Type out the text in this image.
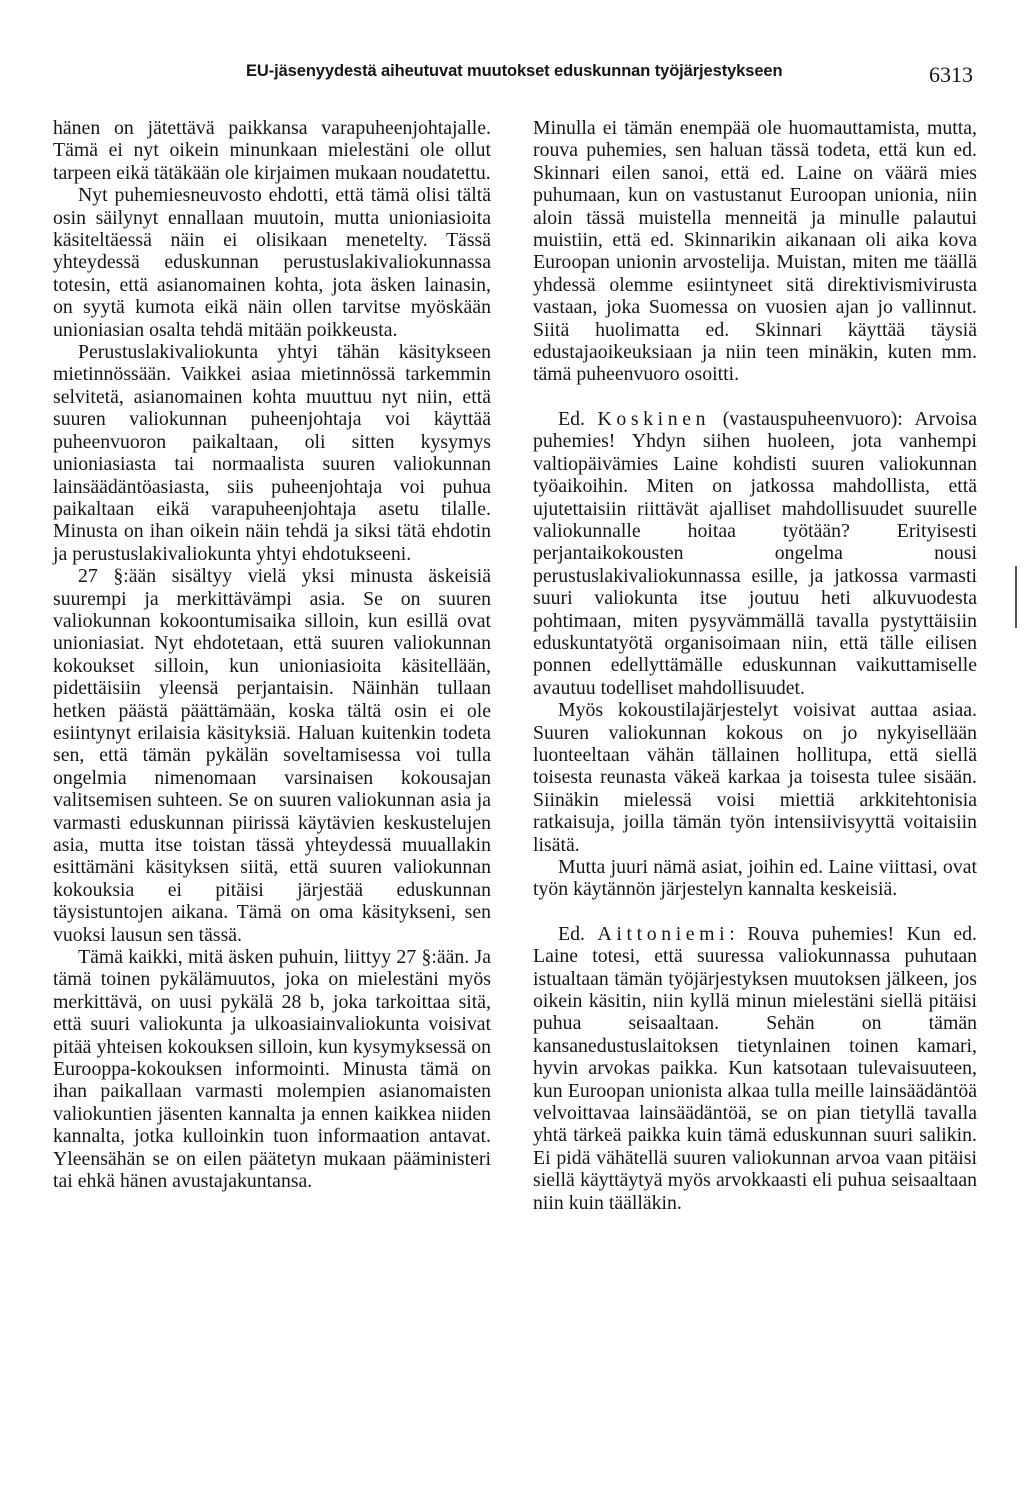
EU-jäsenyydestä aiheutuvat muutokset eduskunnan työjärjestykseen	6313

hänen on jätettävä paikkansa varapuheenjohtajalle. Tämä ei nyt oikein minunkaan mielestäni ole ollut tarpeen eikä tätäkään ole kirjaimen mukaan noudatettu.

Nyt puhemiesneuvosto ehdotti, että tämä olisi tältä osin säilynyt ennallaan muutoin, mutta unioniasioita käsiteltäessä näin ei olisikaan menetelty. Tässä yhteydessä eduskunnan perustuslakivaliokunnassa totesin, että asianomainen kohta, jota äsken lainasin, on syytä kumota eikä näin ollen tarvitse myöskään unioniasian osalta tehdä mitään poikkeusta.

Perustuslakivaliokunta yhtyi tähän käsitykseen mietinnössään. Vaikkei asiaa mietinnössä tarkemmin selvitetä, asianomainen kohta muuttuu nyt niin, että suuren valiokunnan puheenjohtaja voi käyttää puheenvuoron paikaltaan, oli sitten kysymys unioniasiasta tai normaalista suuren valiokunnan lainsäädäntöasiasta, siis puheenjohtaja voi puhua paikaltaan eikä varapuheenjohtaja asetu tilalle. Minusta on ihan oikein näin tehdä ja siksi tätä ehdotin ja perustuslakivaliokunta yhtyi ehdotukseeni.

27 §:ään sisältyy vielä yksi minusta äskeisiä suurempi ja merkittävämpi asia. Se on suuren valiokunnan kokoontumisaika silloin, kun esillä ovat unioniasiat. Nyt ehdotetaan, että suuren valiokunnan kokoukset silloin, kun unioniasioita käsitellään, pidettäisiin yleensä perjantaisin. Näinhän tullaan hetken päästä päättämään, koska tältä osin ei ole esiintynyt erilaisia käsityksiä. Haluan kuitenkin todeta sen, että tämän pykälän soveltamisessa voi tulla ongelmia nimenomaan varsinaisen kokousajan valitsemisen suhteen. Se on suuren valiokunnan asia ja varmasti eduskunnan piirissä käytävien keskustelujen asia, mutta itse toistan tässä yhteydessä muuallakin esittämäni käsityksen siitä, että suuren valiokunnan kokouksia ei pitäisi järjestää eduskunnan täysistuntojen aikana. Tämä on oma käsitykseni, sen vuoksi lausun sen tässä.

Tämä kaikki, mitä äsken puhuin, liittyy 27 §:ään. Ja tämä toinen pykälämuutos, joka on mielestäni myös merkittävä, on uusi pykälä 28 b, joka tarkoittaa sitä, että suuri valiokunta ja ulkoasiainvaliokunta voisivat pitää yhteisen kokouksen silloin, kun kysymyksessä on Eurooppa-kokouksen informointi. Minusta tämä on ihan paikallaan varmasti molempien asianomaisten valiokuntien jäsenten kannalta ja ennen kaikkea niiden kannalta, jotka kulloinkin tuon informaation antavat. Yleensähän se on eilen päätetyn mukaan pääministeri tai ehkä hänen avustajakuntansa.

Minulla ei tämän enempää ole huomauttamista, mutta, rouva puhemies, sen haluan tässä todeta, että kun ed. Skinnari eilen sanoi, että ed. Laine on väärä mies puhumaan, kun on vastustanut Euroopan unionia, niin aloin tässä muistella menneitä ja minulle palautui muistiin, että ed. Skinnarikin aikanaan oli aika kova Euroopan unionin arvostelija. Muistan, miten me täällä yhdessä olemme esiintyneet sitä direktivismivirusta vastaan, joka Suomessa on vuosien ajan jo vallinnut. Siitä huolimatta ed. Skinnari käyttää täysiä edustajaoikeuksiaan ja niin teen minäkin, kuten mm. tämä puheenvuoro osoitti.

Ed. Koskinen (vastauspuheenvuoro): Arvoisa puhemies! Yhdyn siihen huoleen, jota vanhempi valtiopäivämies Laine kohdisti suuren valiokunnan työaikoihin. Miten on jatkossa mahdollista, että ujutettaisiin riittävät ajalliset mahdollisuudet suurelle valiokunnalle hoitaa työtään? Erityisesti perjantaikokousten ongelma nousi perustuslakivaliokunnassa esille, ja jatkossa varmasti suuri valiokunta itse joutuu heti alkuvuodesta pohtimaan, miten pysyvämmällä tavalla pystyttäisiin eduskuntatyötä organisoimaan niin, että tälle eilisen ponnen edellyttämälle eduskunnan vaikuttamiselle avautuu todelliset mahdollisuudet.

Myös kokoustilajärjestelyt voisivat auttaa asiaa. Suuren valiokunnan kokous on jo nykyisellään luonteeltaan vähän tällainen hollitupa, että siellä toisesta reunasta väkeä karkaa ja toisesta tulee sisään. Siinäkin mielessä voisi miettiä arkkitehtonisia ratkaisuja, joilla tämän työn intensiivisyyttä voitaisiin lisätä.

Mutta juuri nämä asiat, joihin ed. Laine viittasi, ovat työn käytännön järjestelyn kannalta keskeisiä.

Ed. Aittoniemi: Rouva puhemies! Kun ed. Laine totesi, että suuressa valiokunnassa puhutaan istualtaan tämän työjärjestyksen muutoksen jälkeen, jos oikein käsitin, niin kyllä minun mielestäni siellä pitäisi puhua seisaaltaan. Sehän on tämän kansanedustuslaitoksen tietynlainen toinen kamari, hyvin arvokas paikka. Kun katsotaan tulevaisuuteen, kun Euroopan unionista alkaa tulla meille lainsäädäntöä velvoittavaa lainsäädäntöä, se on pian tietyllä tavalla yhtä tärkeä paikka kuin tämä eduskunnan suuri salikin. Ei pidä vähätellä suuren valiokunnan arvoa vaan pitäisi siellä käyttäytyä myös arvokkaasti eli puhua seisaaltaan niin kuin täälläkin.
